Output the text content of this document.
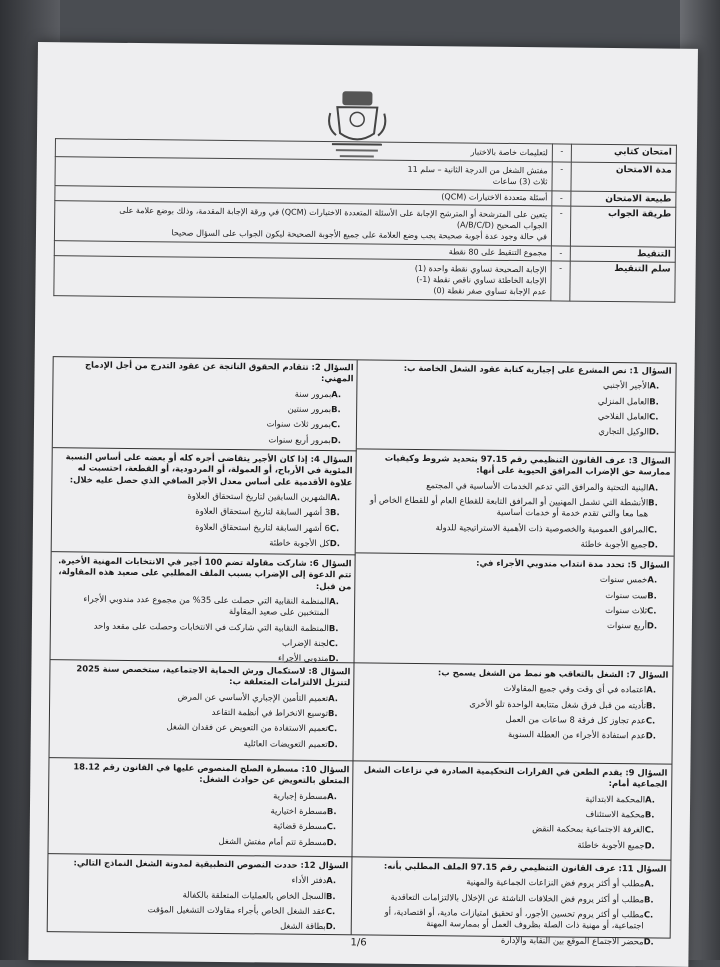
امتحان كتابي	-	لتعليمات خاصة بالاختبار

مدة الامتحان	-	مفتش الشغل من الدرجة الثانية – سلم 11
ثلاث (3) ساعات

طبيعة الامتحان	-	أسئلة متعددة الاختيارات (QCM)
طريقة الجواب	-	يتعين على المترشحة أو المترشح الإجابة على الأسئلة المتعددة الاختيارات (QCM) في ورقة الإجابة المقدمة، وذلك بوضع علامة على
الجواب الصحيح (A/B/C/D)
في حالة وجود عدة أجوبة صحيحة يجب وضع العلامة على جميع الأجوبة الصحيحة ليكون الجواب على السؤال صحيحا

التنقيط	-	مجموع التنقيط على 80 نقطة
سلم التنقيط	-	الإجابة الصحيحة تساوي نقطة واحدة (1)
الإجابة الخاطئة تساوي ناقص نقطة (1-)
عدم الإجابة تساوي صفر نقطة (0)
السؤال 1: نص المشرع على إجبارية كتابة عقود الشغل الخاصة ب:
A.
الأجير الأجنبي
B.
العامل المنزلي
C.
العامل الفلاحي
D.
الوكيل التجاري
السؤال 3: عرف القانون التنظيمي رقم 97.15 بتحديد شروط وكيفيات ممارسة حق الإضراب المرافق الحيوية على أنها:
A.
البنية التحتية والمرافق التي تدعم الخدمات الأساسية في المجتمع
B.
الأنشطة التي تشمل المهنيين أو المرافق التابعة للقطاع العام أو للقطاع الخاص أو هما معا والتي تقدم خدمة أو خدمات أساسية
C.
المرافق العمومية والخصوصية ذات الأهمية الاستراتيجية للدولة
D.
جميع الأجوبة خاطئة
السؤال 5: تحدد مدة انتداب مندوبي الأجراء في:
A.
خمس سنوات
B.
ست سنوات
C.
ثلاث سنوات
D.
أربع سنوات
السؤال 7: الشغل بالتعاقب هو نمط من الشغل يسمح ب:
A.
اعتماده في أي وقت وفي جميع المقاولات
B.
تأديته من قبل فرق شغل متتابعة الواحدة تلو الأخرى
C.
عدم تجاوز كل فرقة 8 ساعات من العمل
D.
عدم استفادة الأجراء من العطلة السنوية
السؤال 9: يقدم الطعن في القرارات التحكيمية الصادرة في نزاعات الشغل الجماعية أمام:
A.
المحكمة الابتدائية
B.
محكمة الاستئناف
C.
الغرفة الاجتماعية بمحكمة النقض
D.
جميع الأجوبة خاطئة
السؤال 11: عرف القانون التنظيمي رقم 97.15 الملف المطلبي بأنه:
A.
مطلب أو أكثر يروم فض النزاعات الجماعية والمهنية
B.
مطلب أو أكثر يروم فض الخلافات الناشئة عن الإخلال بالالتزامات التعاقدية
C.
مطلب أو أكثر يروم تحسين الأجور، أو تحقيق امتيازات مادية، أو اقتصادية، أو اجتماعية، أو مهنية ذات الصلة بظروف العمل أو بممارسة المهنة
D.
محضر الاجتماع الموقع بين النقابة والإدارة
السؤال 2: تتقادم الحقوق الناتجة عن عقود التدرج من أجل الإدماج المهني:
A.
بمرور سنة
B.
بمرور سنتين
C.
بمرور ثلاث سنوات
D.
بمرور أربع سنوات
السؤال 4: إذا كان الأجير يتقاضى أجره كله أو بعضه على أساس النسبة المئوية في الأرباح، أو العمولة، أو المردودية، أو القطعة، احتسبت له علاوة الأقدمية على أساس معدل الأجر الصافي الذي حصل عليه خلال:
A.
الشهرين السابقين لتاريخ استحقاق العلاوة
B.
3 أشهر السابقة لتاريخ استحقاق العلاوة
C.
6 أشهر السابقة لتاريخ استحقاق العلاوة
D.
كل الأجوبة خاطئة
السؤال 6: شاركت مقاولة تضم 100 أجير في الانتخابات المهنية الأخيرة. تتم الدعوة إلى الإضراب بسبب الملف المطلبي على صعيد هذه المقاولة، من قبل:
A.
المنظمة النقابية التي حصلت على 35% من مجموع عدد مندوبي الأجراء المنتخبين على صعيد المقاولة
B.
المنظمة النقابية التي شاركت في الانتخابات وحصلت على مقعد واحد
C.
لجنة الإضراب
D.
مندوبي الأجراء
السؤال 8: لاستكمال ورش الحماية الاجتماعية، ستخصص سنة 2025 لتنزيل الالتزامات المتعلقة ب:
A.
تعميم التأمين الإجباري الأساسي عن المرض
B.
توسيع الانخراط في أنظمة التقاعد
C.
تعميم الاستفادة من التعويض عن فقدان الشغل
D.
تعميم التعويضات العائلية
السؤال 10: مسطرة الصلح المنصوص عليها في القانون رقم 18.12 المتعلق بالتعويض عن حوادث الشغل:
A.
مسطرة إجبارية
B.
مسطرة اختيارية
C.
مسطرة قضائية
D.
مسطرة تتم أمام مفتش الشغل
السؤال 12: حددت النصوص التطبيقية لمدونة الشغل النماذج التالي:
A.
دفتر الأداء
B.
السجل الخاص بالعمليات المتعلقة بالكفالة
C.
عقد الشغل الخاص بأجراء مقاولات التشغيل المؤقت
D.
بطاقة الشغل
1/6
